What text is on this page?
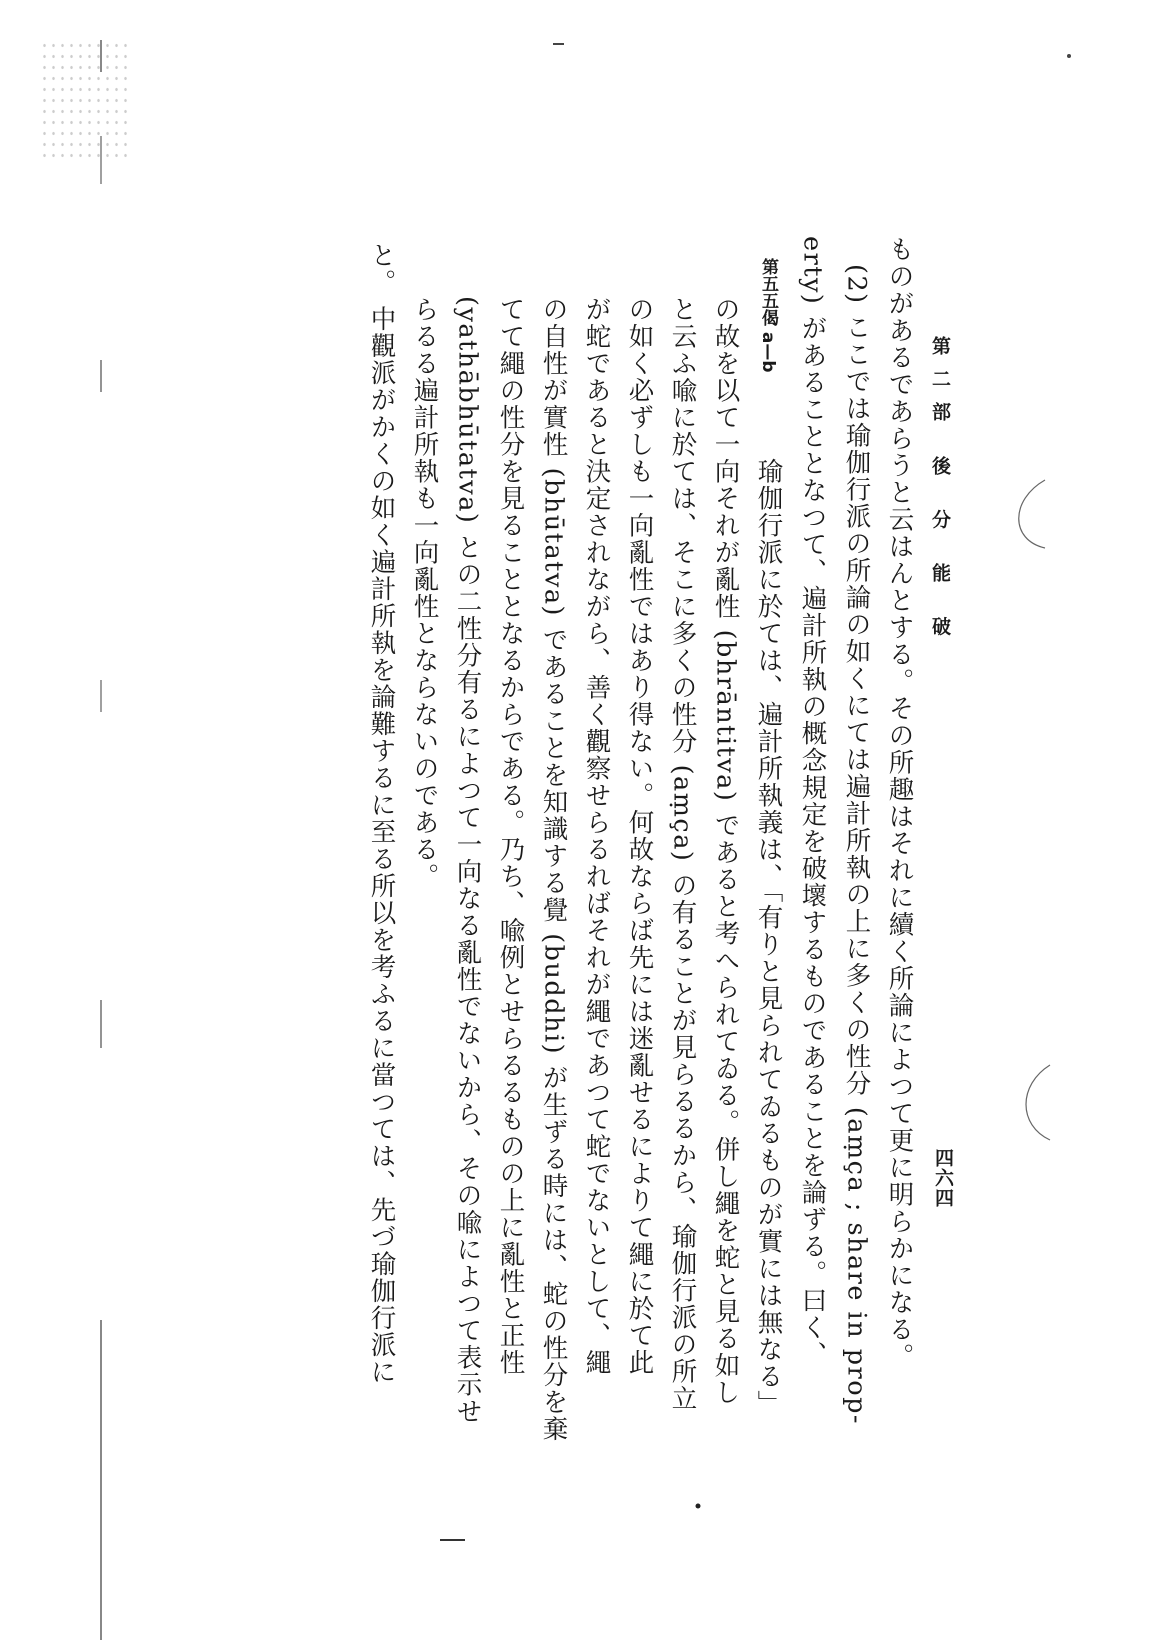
第二部 後 分 能 破
四六四
ものがあるであらうと云はんとする。その所趣はそれに續く所論によつて更に明らかになる。
(2) ここでは瑜伽行派の所論の如くにては遍計所執の上に多くの性分 (aṃça ; share in prop-
erty) があることとなつて、遍計所執の概念規定を破壞するものであることを論ずる。曰く、
第五五偈 a—b
瑜伽行派に於ては、遍計所執義は、「有りと見られてゐるものが實には無なる」
の故を以て一向それが亂性 (bhrāntitva) であると考へられてゐる。併し繩を蛇と見る如し
と云ふ喩に於ては、そこに多くの性分 (aṃça) の有ることが見らるるから、瑜伽行派の所立
の如く必ずしも一向亂性ではあり得ない。何故ならば先には迷亂せるによりて繩に於て此
が蛇であると決定されながら、善く觀察せらるればそれが繩であつて蛇でないとして、繩
の自性が實性 (bhūtatva) であることを知識する覺 (buddhi) が生ずる時には、蛇の性分を棄
てて繩の性分を見ることとなるからである。乃ち、喩例とせらるるものの上に亂性と正性
(yathābhūtatva) との二性分有るによつて一向なる亂性でないから、その喩によつて表示せ
らるる遍計所執も一向亂性とならないのである。
と。 中觀派がかくの如く遍計所執を論難するに至る所以を考ふるに當つては、先づ瑜伽行派に
